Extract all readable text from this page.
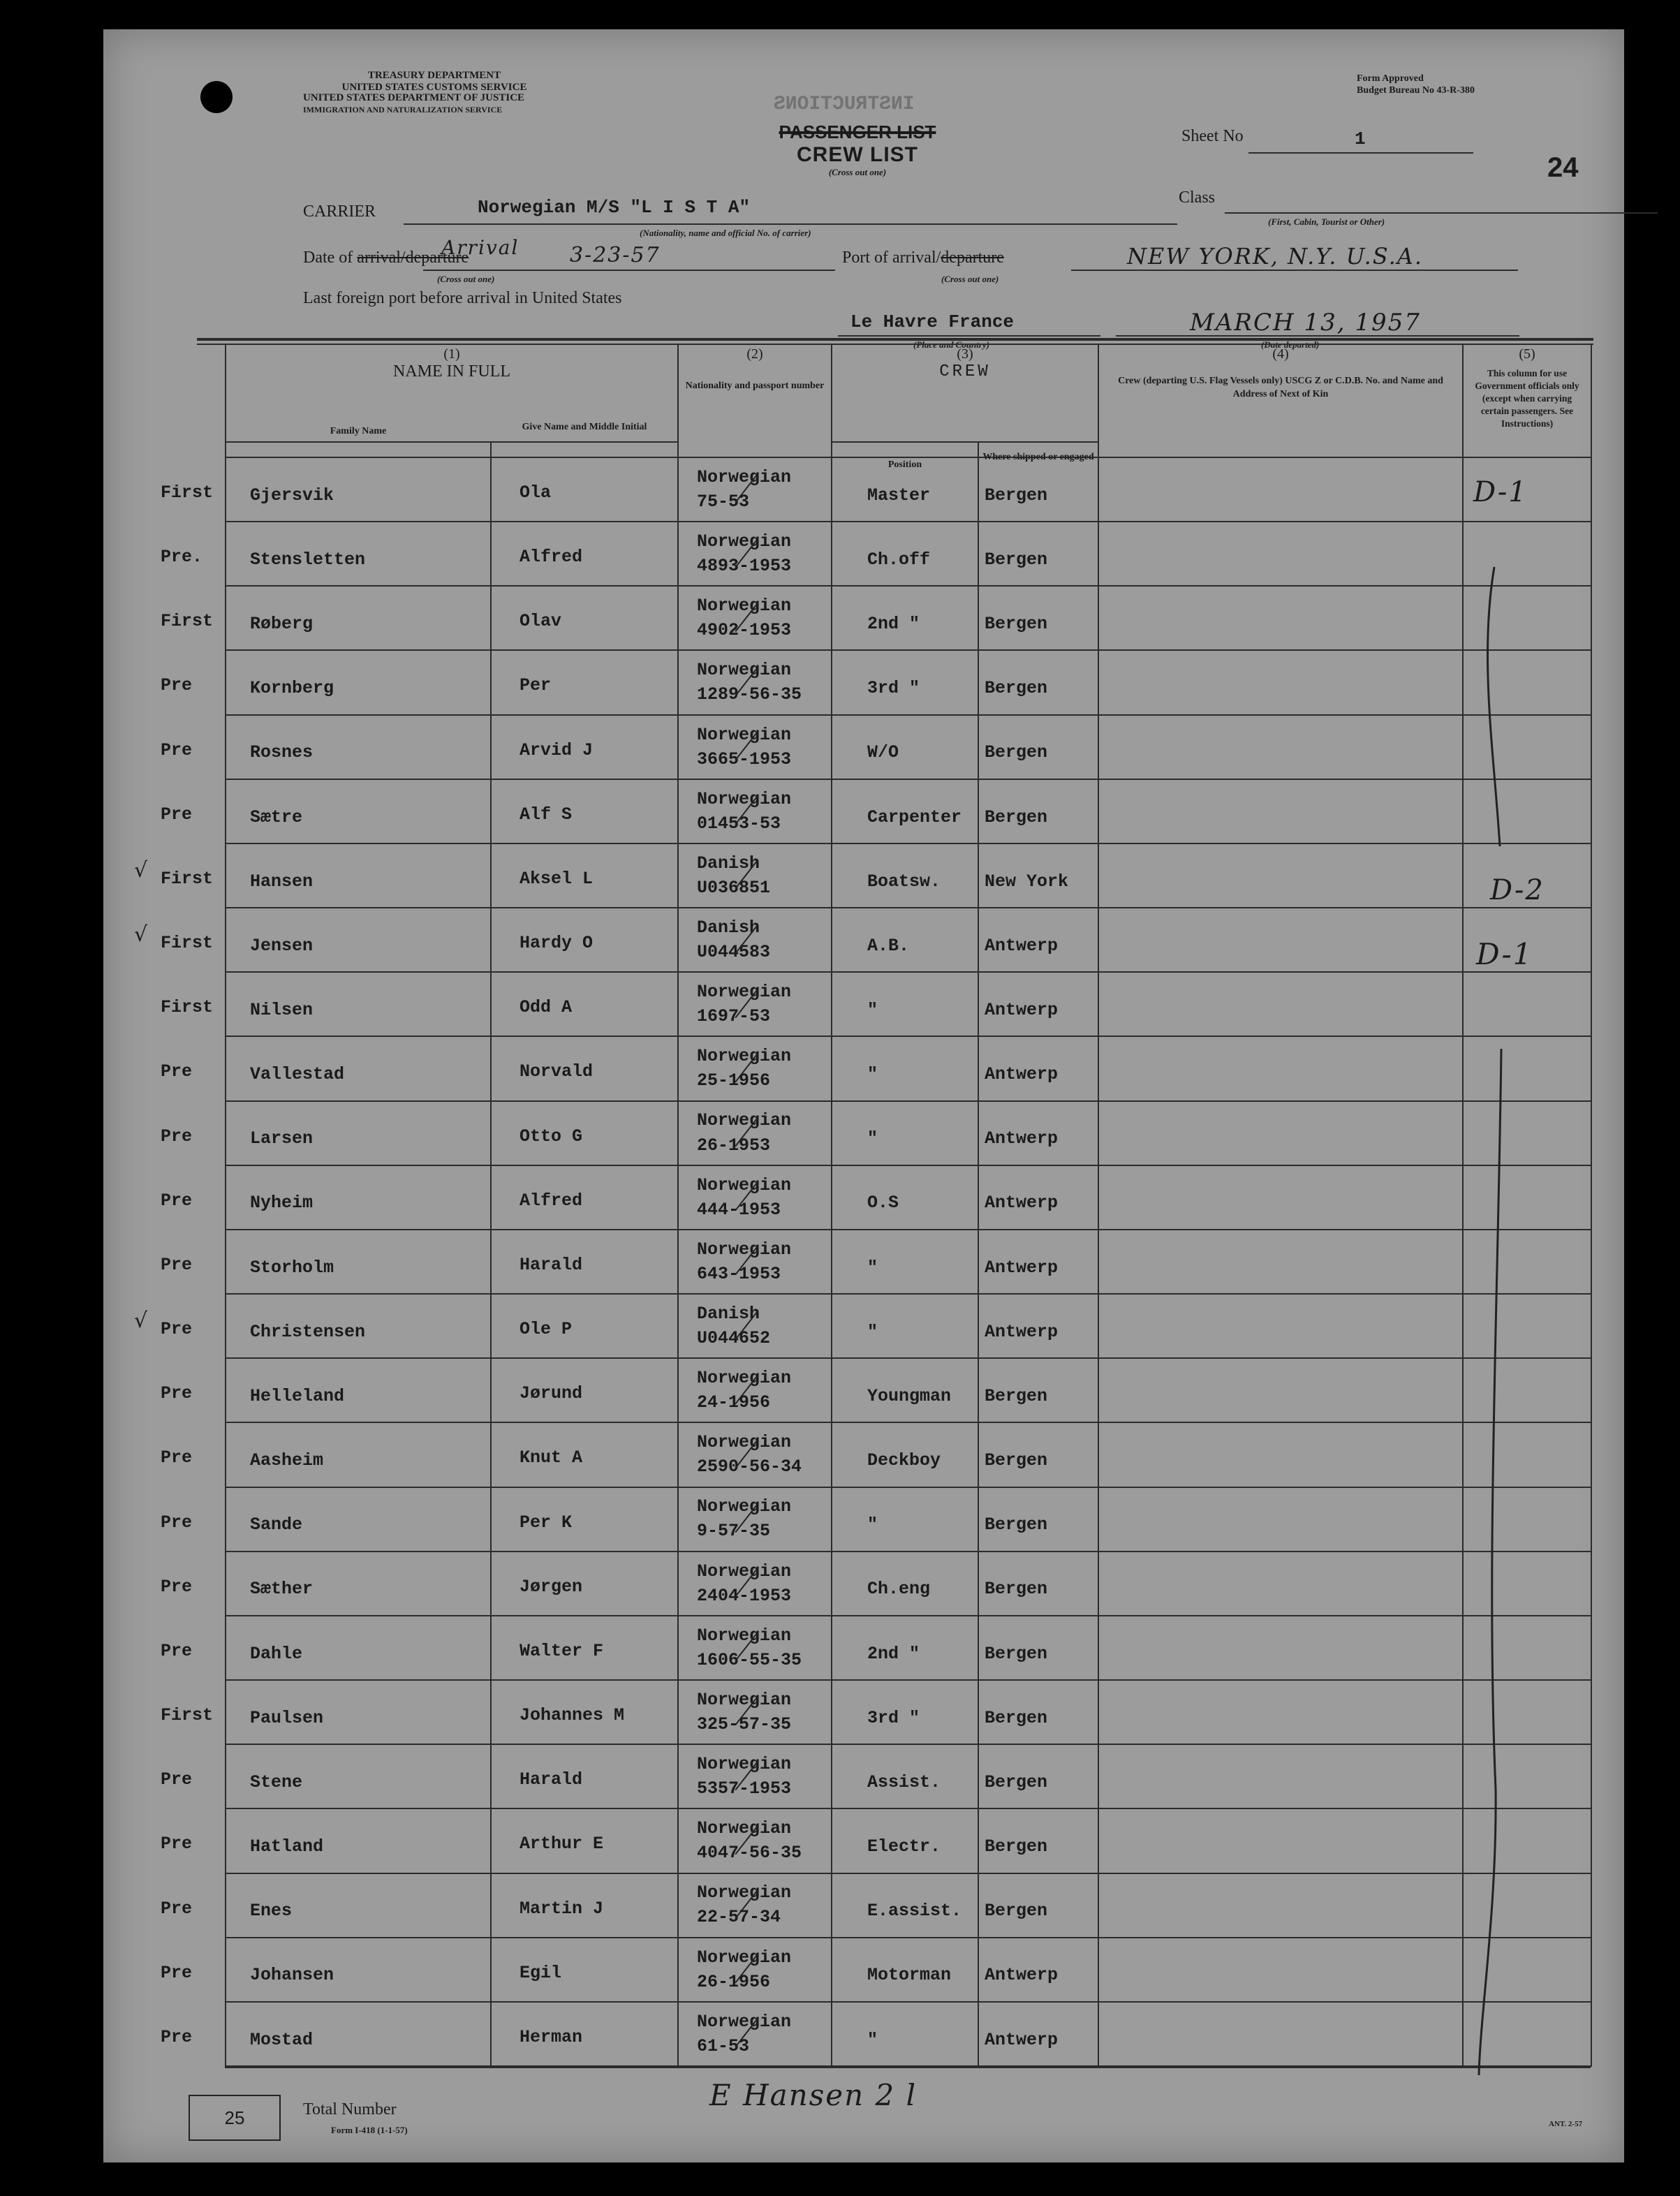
TREASURY DEPARTMENT
UNITED STATES CUSTOMS SERVICE
UNITED STATES DEPARTMENT OF JUSTICE
IMMIGRATION AND NATURALIZATION SERVICE	INSTRUCTIONS
Form Approved
Budget Bureau No 43-R-380
PASSENGER LIST
CREW LIST
(Cross out one)
Sheet No	1
24
Class
(First, Cabin, Tourist or Other)
CARRIER	Norwegian M/S "L I S T A"
(Nationality, name and official No. of carrier)
Date of arrival/departure
Arrival 3-23-57
(Cross out one)
Port of arrival/departure	NEW YORK, N.Y. U.S.A.
(Cross out one)
Last foreign port before arrival in United States
Le Havre France	MARCH 13, 1957
(1)
NAME IN FULL
Family Name	Give Name and Middle Initial
(2)
Nationality and passport number
(3)
CREW
Position
Where shipped or engaged
(4)
Crew (departing U.S. Flag Vessels only) USCG Z or C.D.B. No. and Name and Address of Next of Kin
(5)
This column for use Government officials only (except when carrying certain passengers. See Instructions)
First Gjersvik	Ola
Norwegian
75-53	Master	Bergen
Pre.	Stensletten	Alfred
Norwegian
4893-1953	Ch.off	Bergen
First Røberg	Olav
Norwegian
4902-1953	2nd "	Bergen
Pre	Kornberg	Per
Norwegian
1289-56-35	3rd "	Bergen
Pre	Rosnes	Arvid J
Norwegian
3665-1953	W/O	Bergen
Pre	Sætre	Alf S
Norwegian
01453-53	Carpenter Bergen
√ First Hansen	Aksel L
Danish
U036851	Boatsw.	New York
√ First Jensen	Hardy O
Danish
U044583	A.B.	Antwerp
First Nilsen	Odd A
Norwegian
1697-53	"	Antwerp
Pre	Vallestad	Norvald
Norwegian
25-1956	"	Antwerp
Pre	Larsen	Otto G
Norwegian
26-1953	"	Antwerp
Pre	Nyheim	Alfred
Norwegian
444-1953	O.S	Antwerp
Pre	Storholm	Harald
Norwegian
643-1953	"	Antwerp
√ Pre	Christensen	Ole P
Danish
U044652	"	Antwerp
Pre	Helleland	Jørund
Norwegian
24-1956	Youngman Bergen
Pre	Aasheim	Knut A
Norwegian
2590-56-34	Deckboy	Bergen
Pre	Sande	Per K
Norwegian
9-57-35	"	Bergen
Pre	Sæther	Jørgen
Norwegian
2404-1953	Ch.eng	Bergen
Pre	Dahle	Walter F
Norwegian
1606-55-35	2nd "	Bergen
First Paulsen	Johannes M
Norwegian
325-57-35	3rd "	Bergen
Pre	Stene	Harald
Norwegian
5357-1953	Assist.	Bergen
Pre	Hatland	Arthur E
Norwegian
4047-56-35	Electr.	Bergen
Pre	Enes	Martin J
Norwegian
22-57-34	E.assist. Bergen
Pre	Johansen	Egil
Norwegian
26-1956	Motorman Antwerp
Pre	Mostad	Herman
Norwegian
61-53	"	Antwerp
D-1
D-2
D-1
25	Total Number
Form I-418 (1-1-57)
E Hansen 2 l
ANT. 2-57
